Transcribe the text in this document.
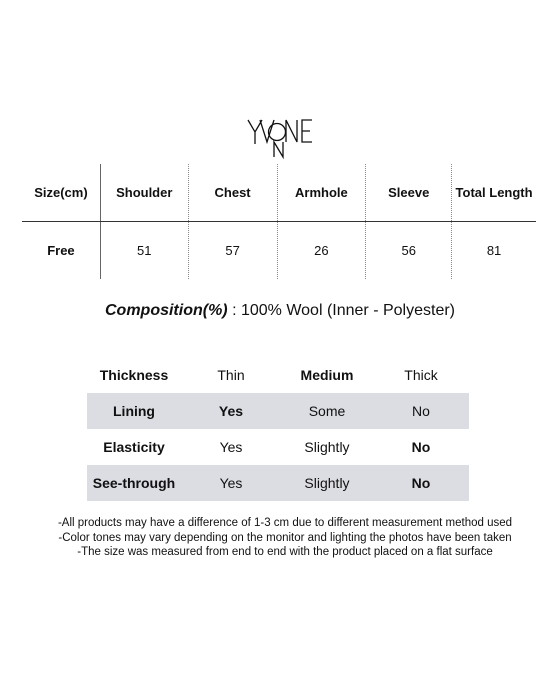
Size(cm)	Shoulder	Chest	Armhole	Sleeve	Total Length
Free	51	57	26	56	81
Composition(%) : 100% Wool (Inner - Polyester)
Thickness	Thin	Medium	Thick
Lining	Yes	Some	No
Elasticity	Yes	Slightly	No
See-through	Yes	Slightly	No
-All products may have a difference of 1-3 cm due to different measurement method used
-Color tones may vary depending on the monitor and lighting the photos have been taken
-The size was measured from end to end with the product placed on a flat surface
